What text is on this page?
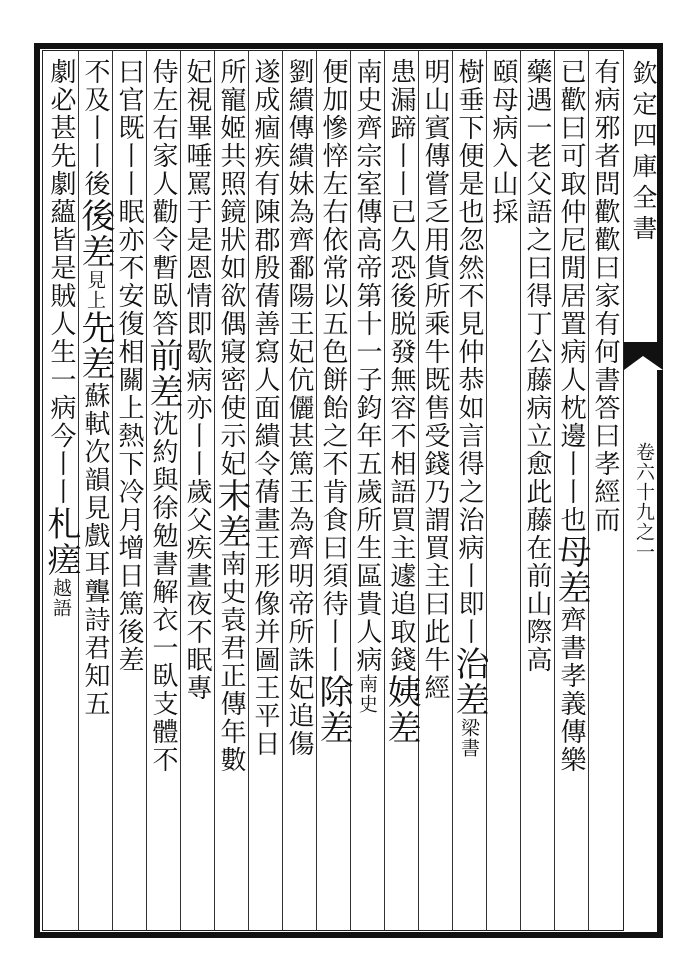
欽定四庫全書
卷六十九之一
有病邪者問歡歡曰家有何書答曰孝經而
已歡曰可取仲尼閒居置病人枕邊丨丨也
母差
齊書孝義傳樂
藥遇一老父語之曰得丁公藤病立愈此藤在前山際高
頤母病入山採
樹垂下便是也忽然不見仲恭如言得之治病丨即丨
治差
梁書
明山賓傳嘗乏用貨所乘牛既售受錢乃謂買主曰此牛經
患漏蹄丨丨已久恐後脱發無容不相語買主遽追取錢
姨差
南史齊宗室傳高帝第十一子鈞年五歲所生區貴人病
南史
便加慘悴左右依常以五色餅飴之不肯食曰須待丨丨
除差
劉繢傳繢妹為齊鄱陽王妃伉儷甚篤王為齊明帝所誅妃追傷
遂成痼疾有陳郡殷蒨善寫人面繢令蒨畫王形像并圖王平日
所寵姬共照鏡狀如欲偶寢密使示妃
末差
南史袁君正傳年數
妃視畢唾罵于是恩情即歇病亦丨丨
歲父疾晝夜不眠專
侍左右家人勸令暫臥答
前差
沈約與徐勉書解衣一臥支體不
曰官既丨丨眠亦不安
復相關上熱下冷月增日篤後差
不及丨丨後
後差
見上
先差
蘇軾次韻見戲耳聾詩君知五
劇必甚先劇
蘊皆是賊人生一病今丨丨
札瘥
越語
